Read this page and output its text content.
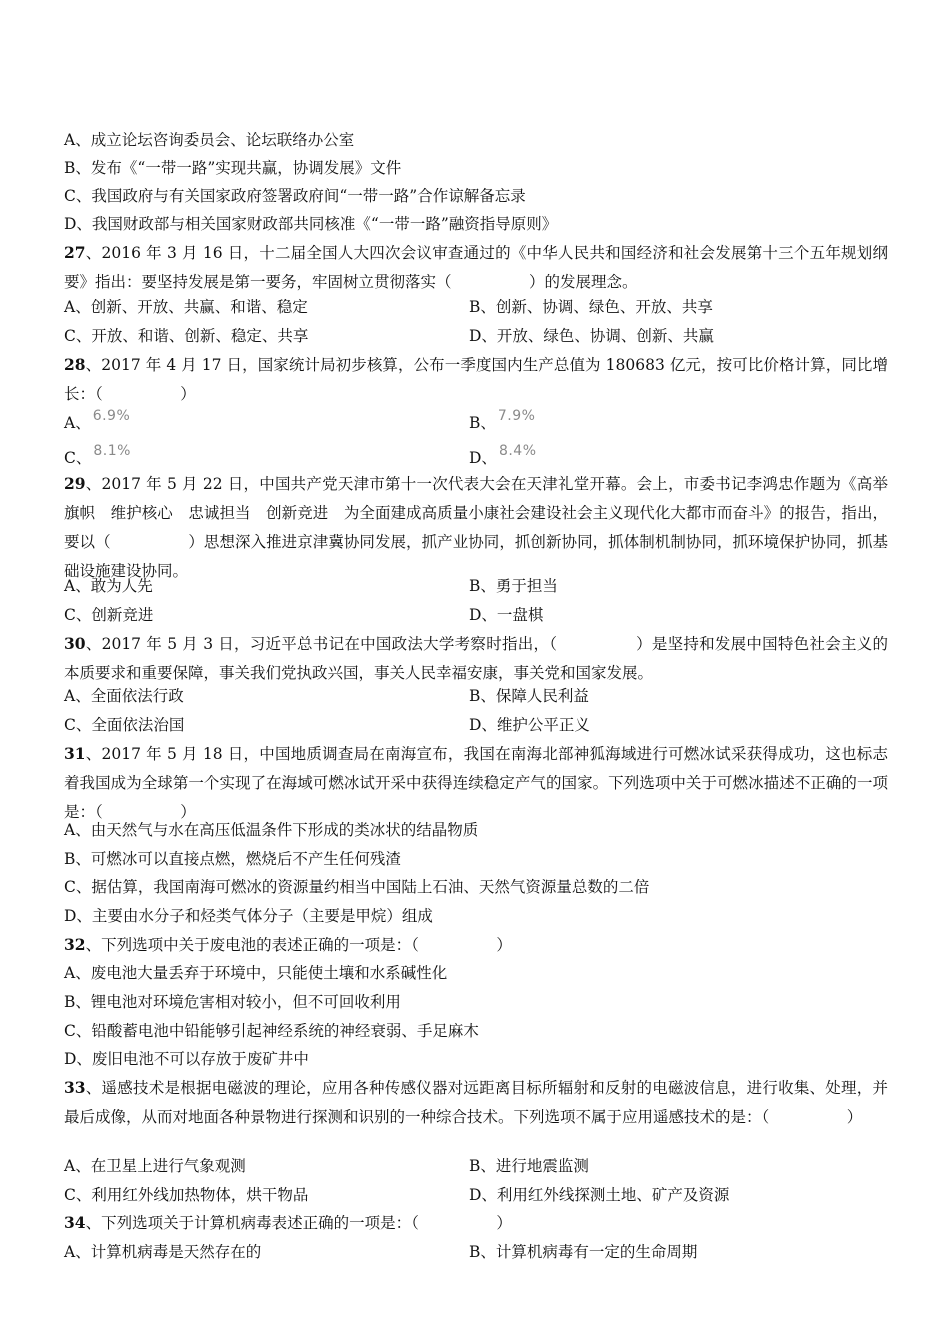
A、成立论坛咨询委员会、论坛联络办公室
B、发布《“一带一路”实现共赢，协调发展》文件
C、我国政府与有关国家政府签署政府间“一带一路”合作谅解备忘录
D、我国财政部与相关国家财政部共同核准《“一带一路”融资指导原则》
27、2016 年 3 月 16 日，十二届全国人大四次会议审查通过的《中华人民共和国经济和社会发展第十三个五年规划纲要》指出：要坚持发展是第一要务，牢固树立贯彻落实（　　　　　）的发展理念。
A、创新、开放、共赢、和谐、稳定	B、创新、协调、绿色、开放、共享
C、开放、和谐、创新、稳定、共享	D、开放、绿色、协调、创新、共赢
28、2017 年 4 月 17 日，国家统计局初步核算，公布一季度国内生产总值为 180683 亿元，按可比价格计算，同比增长：（　　　　　）
A、 6.9%	B、 7.9%
C、 8.1%	D、 8.4%
29、2017 年 5 月 22 日，中国共产党天津市第十一次代表大会在天津礼堂开幕。会上，市委书记李鸿忠作题为《高举旗帜　维护核心　忠诚担当　创新竞进　为全面建成高质量小康社会建设社会主义现代化大都市而奋斗》的报告，指出，要以（　　　　　）思想深入推进京津冀协同发展，抓产业协同，抓创新协同，抓体制机制协同，抓环境保护协同，抓基础设施建设协同。
A、敢为人先	B、勇于担当
C、创新竞进	D、一盘棋
30、2017 年 5 月 3 日，习近平总书记在中国政法大学考察时指出，（　　　　　）是坚持和发展中国特色社会主义的本质要求和重要保障，事关我们党执政兴国，事关人民幸福安康，事关党和国家发展。
A、全面依法行政	B、保障人民利益
C、全面依法治国	D、维护公平正义
31、2017 年 5 月 18 日，中国地质调查局在南海宣布，我国在南海北部神狐海域进行可燃冰试采获得成功，这也标志着我国成为全球第一个实现了在海域可燃冰试开采中获得连续稳定产气的国家。下列选项中关于可燃冰描述不正确的一项是：（　　　　　）
A、由天然气与水在高压低温条件下形成的类冰状的结晶物质
B、可燃冰可以直接点燃，燃烧后不产生任何残渣
C、据估算，我国南海可燃冰的资源量约相当中国陆上石油、天然气资源量总数的二倍
D、主要由水分子和烃类气体分子（主要是甲烷）组成
32、下列选项中关于废电池的表述正确的一项是：（　　　　　）
A、废电池大量丢弃于环境中，只能使土壤和水系碱性化
B、锂电池对环境危害相对较小，但不可回收利用
C、铅酸蓄电池中铅能够引起神经系统的神经衰弱、手足麻木
D、废旧电池不可以存放于废矿井中
33、遥感技术是根据电磁波的理论，应用各种传感仪器对远距离目标所辐射和反射的电磁波信息，进行收集、处理，并最后成像，从而对地面各种景物进行探测和识别的一种综合技术。下列选项不属于应用遥感技术的是：（　　　　　）
A、在卫星上进行气象观测	B、进行地震监测
C、利用红外线加热物体，烘干物品	D、利用红外线探测土地、矿产及资源
34、下列选项关于计算机病毒表述正确的一项是：（　　　　　）
A、计算机病毒是天然存在的	B、计算机病毒有一定的生命周期
